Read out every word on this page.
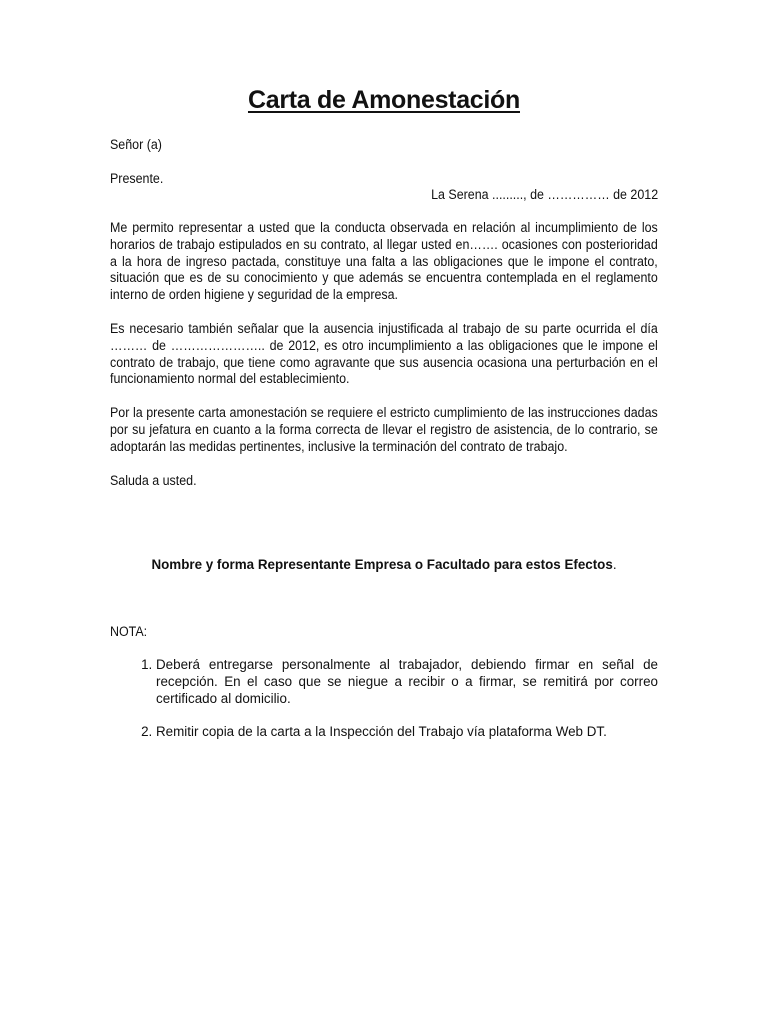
Carta de Amonestación
Señor (a)
Presente.
La Serena ........., de …………… de 2012
Me permito representar a usted que la conducta observada en relación al incumplimiento de los horarios de trabajo estipulados en su contrato, al llegar usted en……. ocasiones con posterioridad a la hora de ingreso pactada, constituye una falta a las obligaciones que le impone el contrato, situación que es de su conocimiento y que además se encuentra contemplada en el reglamento interno de orden higiene y seguridad de la empresa.
Es necesario también señalar que la ausencia injustificada al trabajo de su parte ocurrida el día ……… de ………………….. de 2012, es otro incumplimiento a las obligaciones que le impone el contrato de trabajo, que tiene como agravante que sus ausencia ocasiona una perturbación en el funcionamiento normal del establecimiento.
Por la presente carta amonestación se requiere el estricto cumplimiento de las instrucciones dadas por su jefatura en cuanto a la forma correcta de llevar el registro de asistencia, de lo contrario, se adoptarán las medidas pertinentes, inclusive la terminación del contrato de trabajo.
Saluda a usted.
Nombre y forma Representante Empresa o Facultado para estos Efectos.
NOTA:
1. Deberá entregarse personalmente al trabajador, debiendo firmar en señal de recepción. En el caso que se niegue a recibir o a firmar, se remitirá por correo certificado al domicilio.
2. Remitir copia de la carta a la Inspección del Trabajo vía plataforma Web DT.
